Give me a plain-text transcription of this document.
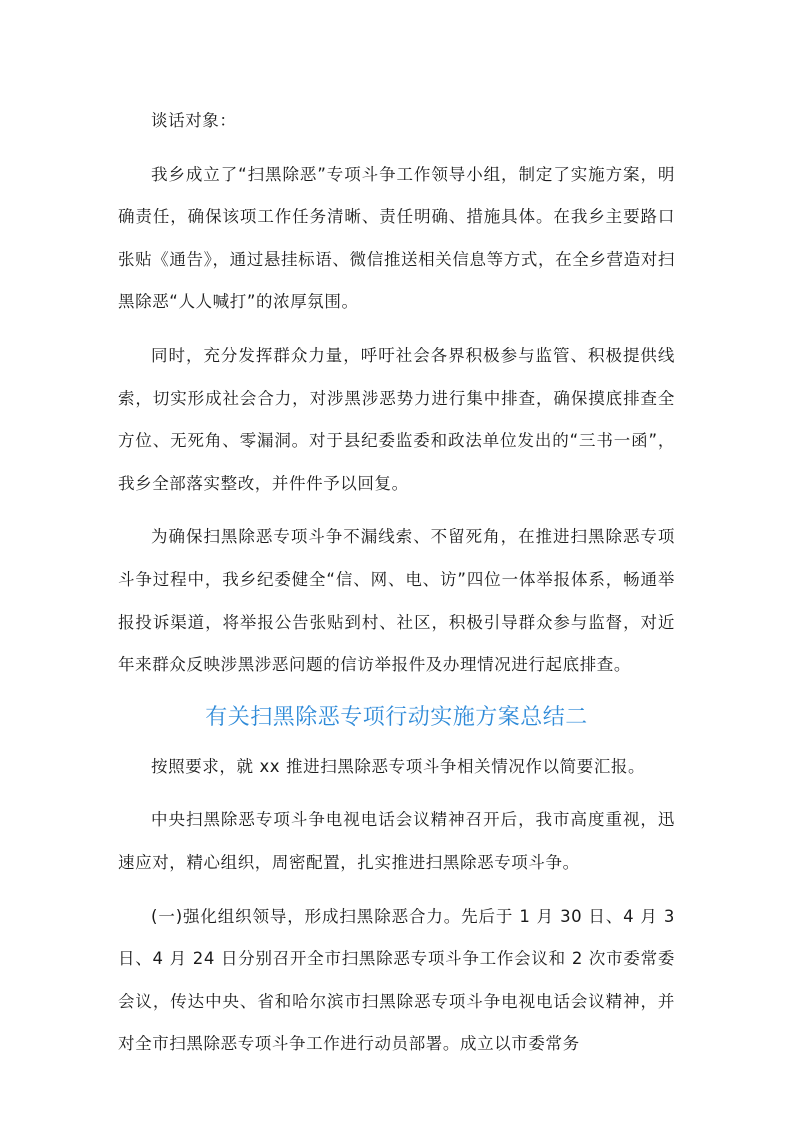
谈话对象：

我乡成立了“扫黑除恶”专项斗争工作领导小组，制定了实施方案，明确责任，确保该项工作任务清晰、责任明确、措施具体。在我乡主要路口张贴《通告》，通过悬挂标语、微信推送相关信息等方式，在全乡营造对扫黑除恶“人人喊打”的浓厚氛围。

同时，充分发挥群众力量，呼吁社会各界积极参与监管、积极提供线索，切实形成社会合力，对涉黑涉恶势力进行集中排查，确保摸底排查全方位、无死角、零漏洞。对于县纪委监委和政法单位发出的“三书一函”，我乡全部落实整改，并件件予以回复。

为确保扫黑除恶专项斗争不漏线索、不留死角，在推进扫黑除恶专项斗争过程中，我乡纪委健全“信、网、电、访”四位一体举报体系，畅通举报投诉渠道，将举报公告张贴到村、社区，积极引导群众参与监督，对近年来群众反映涉黑涉恶问题的信访举报件及办理情况进行起底排查。

有关扫黑除恶专项行动实施方案总结二

按照要求，就 xx 推进扫黑除恶专项斗争相关情况作以简要汇报。

中央扫黑除恶专项斗争电视电话会议精神召开后，我市高度重视，迅速应对，精心组织，周密配置，扎实推进扫黑除恶专项斗争。

(一)强化组织领导，形成扫黑除恶合力。先后于 1 月 30 日、4 月 3 日、4 月 24 日分别召开全市扫黑除恶专项斗争工作会议和 2 次市委常委会议，传达中央、省和哈尔滨市扫黑除恶专项斗争电视电话会议精神，并对全市扫黑除恶专项斗争工作进行动员部署。成立以市委常务
